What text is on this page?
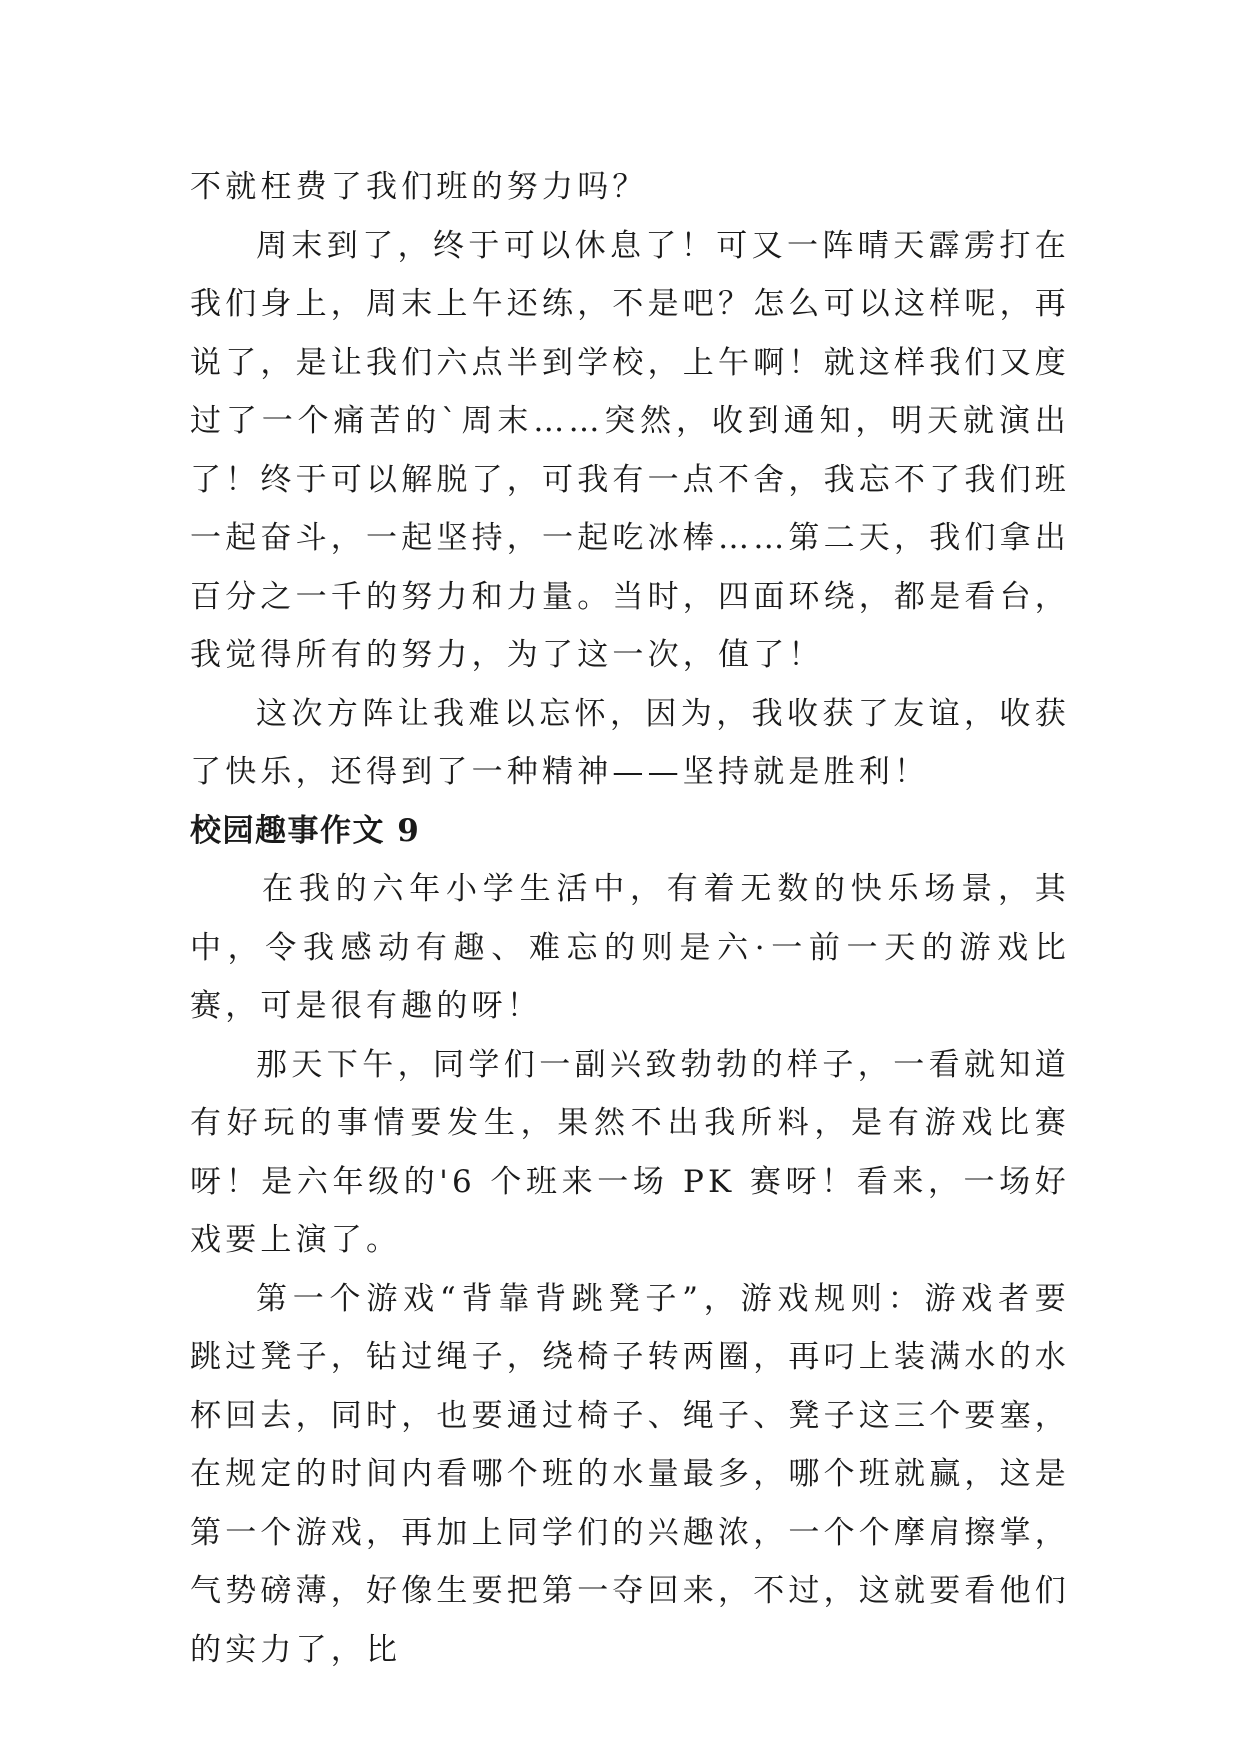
不就枉费了我们班的努力吗？

周末到了，终于可以休息了！可又一阵晴天霹雳打在我们身上，周末上午还练，不是吧？怎么可以这样呢，再说了，是让我们六点半到学校，上午啊！就这样我们又度过了一个痛苦的`周末……突然，收到通知，明天就演出了！终于可以解脱了，可我有一点不舍，我忘不了我们班一起奋斗，一起坚持，一起吃冰棒……第二天，我们拿出百分之一千的努力和力量。当时，四面环绕，都是看台，我觉得所有的努力，为了这一次，值了！

这次方阵让我难以忘怀，因为，我收获了友谊，收获了快乐，还得到了一种精神——坚持就是胜利！

校园趣事作文 9

在我的六年小学生活中，有着无数的快乐场景，其中，令我感动有趣、难忘的则是六·一前一天的游戏比赛，可是很有趣的呀！

那天下午，同学们一副兴致勃勃的样子，一看就知道有好玩的事情要发生，果然不出我所料，是有游戏比赛呀！是六年级的'6 个班来一场 PK 赛呀！看来，一场好戏要上演了。

第一个游戏“背靠背跳凳子”，游戏规则：游戏者要跳过凳子，钻过绳子，绕椅子转两圈，再叼上装满水的水杯回去，同时，也要通过椅子、绳子、凳子这三个要塞，在规定的时间内看哪个班的水量最多，哪个班就赢，这是第一个游戏，再加上同学们的兴趣浓，一个个摩肩擦掌，气势磅薄，好像生要把第一夺回来，不过，这就要看他们的实力了，比
